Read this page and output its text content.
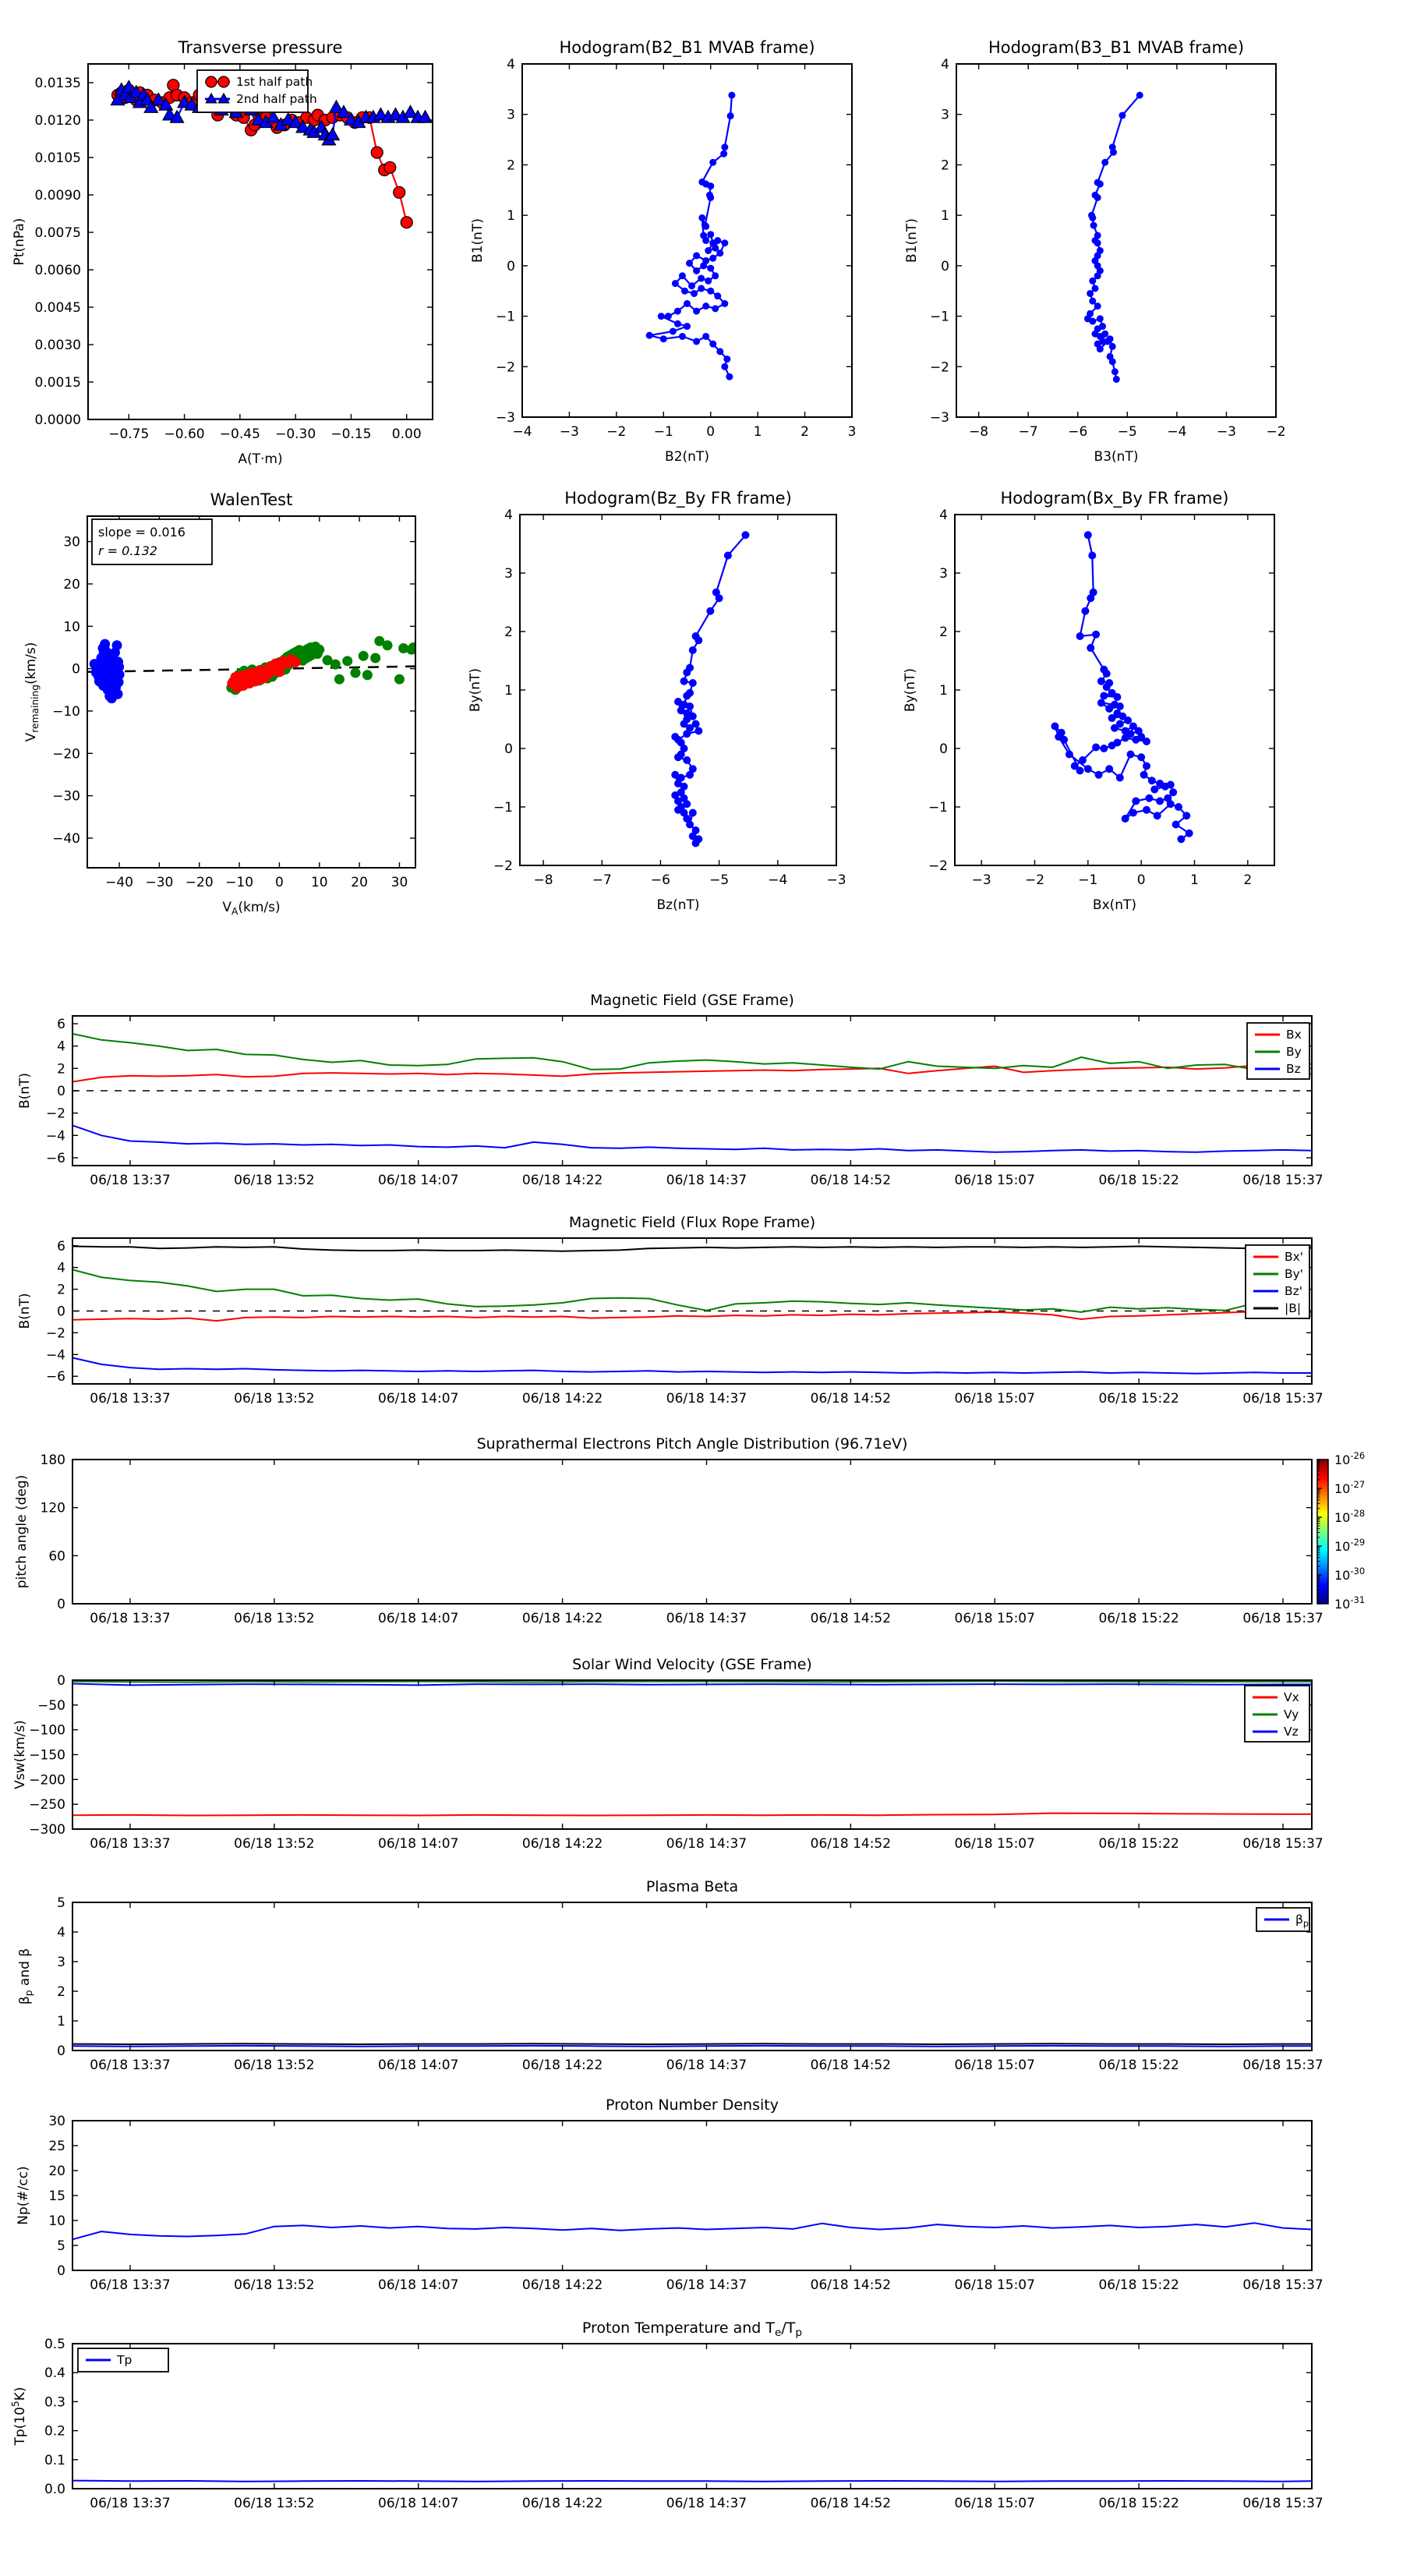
−0.75 −0.60 −0.45 −0.30 −0.15 0.00
0.0000
0.0015
0.0030
0.0045
0.0060
0.0075
0.0090
0.0105
0.0120
0.0135
Transverse pressure
A(T·m)
Pt(nPa)
1st half path
2nd half path
−4 −3 −2 −1 0	1	2	3
−3
−2
−1
0
1
2
3
4
Hodogram(B2_B1 MVAB frame)
B2(nT)
B1(nT)
−8 −7 −6 −5 −4 −3 −2
−3
−2
−1
0
1
2
3
4
Hodogram(B3_B1 MVAB frame)
B3(nT)
B1(nT)
−40 −30 −20 −10 0 10 20 30
−40
−30
−20
−10
0
10
20
30
WalenTest
$V_A(km/s)$
$V_{remaining}(km/s)$
slope = 0.016
r = 0.132
−8	−7	−6	−5	−4	−3
−2
−1
0
1
2
3
4
Hodogram(Bz_By FR frame)
Bz(nT)
By(nT)
−3	−2	−1	0	1	2
−2
−1
0
1
2
3
4
Hodogram(Bx_By FR frame)
Bx(nT)
By(nT)
06/18 13:37	06/18 13:52	06/18 14:07	06/18 14:22	06/18 14:37	06/18 14:52	06/18 15:07	06/18 15:22	06/18 15:37
−6
−4
−2
0
2
4
6
Magnetic Field (GSE Frame)
B(nT)
Bx
By
Bz
06/18 13:37	06/18 13:52	06/18 14:07	06/18 14:22	06/18 14:37	06/18 14:52	06/18 15:07	06/18 15:22	06/18 15:37
−6
−4
−2
0
2
4
6
Magnetic Field (Flux Rope Frame)
B(nT)
Bx'
By'
Bz'
|B|
06/18 13:37	06/18 13:52	06/18 14:07	06/18 14:22	06/18 14:37	06/18 14:52	06/18 15:07	06/18 15:22	06/18 15:37
0
60
120
180
Suprathermal Electrons Pitch Angle Distribution (96.71eV)
pitch angle (deg)
$10^{-26}$
$10^{-27}$
$10^{-28}$
$10^{-29}$
$10^{-30}$
$10^{-31}$
06/18 13:37	06/18 13:52	06/18 14:07	06/18 14:22	06/18 14:37	06/18 14:52	06/18 15:07	06/18 15:22	06/18 15:37
0
−50
−100
−150
−200
−250
−300
Solar Wind Velocity (GSE Frame)
Vsw(km/s)
Vx
Vy
Vz
06/18 13:37	06/18 13:52	06/18 14:07	06/18 14:22	06/18 14:37	06/18 14:52	06/18 15:07	06/18 15:22	06/18 15:37
0
1
2
3
4
5
Plasma Beta
$\beta_p$ and β
$\beta_p$
06/18 13:37	06/18 13:52	06/18 14:07	06/18 14:22	06/18 14:37	06/18 14:52	06/18 15:07	06/18 15:22	06/18 15:37
0
5
10
15
20
25
30
Proton Number Density
Np(#/cc)
06/18 13:37	06/18 13:52	06/18 14:07	06/18 14:22	06/18 14:37	06/18 14:52	06/18 15:07	06/18 15:22	06/18 15:37
0.0
0.1
0.2
0.3
0.4
0.5
Proton Temperature and $T_e/T_p$
$Tp(10^5K)$
Tp
